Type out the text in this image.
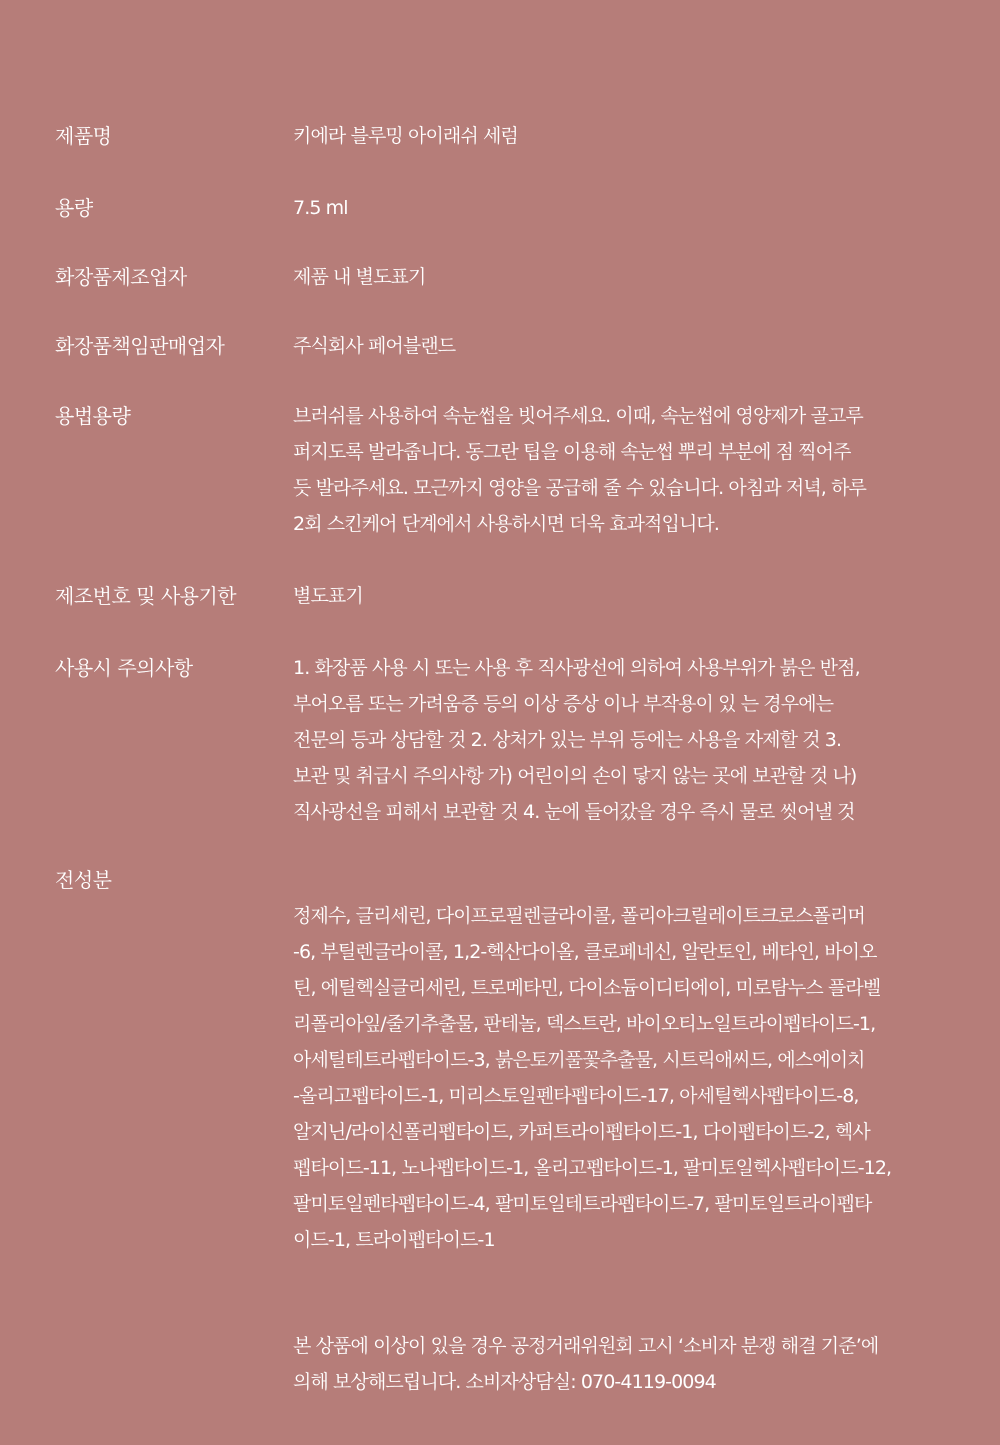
제품명	키에라 블루밍 아이래쉬 세럼
용량	7.5 ml
화장품제조업자	제품 내 별도표기
화장품책임판매업자	주식회사 페어블랜드
용법용량	브러쉬를 사용하여 속눈썹을 빗어주세요. 이때, 속눈썹에 영양제가 골고루
퍼지도록 발라줍니다. 동그란 팁을 이용해 속눈썹 뿌리 부분에 점 찍어주
듯 발라주세요. 모근까지 영양을 공급해 줄 수 있습니다. 아침과 저녁, 하루
2회 스킨케어 단계에서 사용하시면 더욱 효과적입니다.
제조번호 및 사용기한	별도표기
사용시 주의사항	1. 화장품 사용 시 또는 사용 후 직사광선에 의하여 사용부위가 붉은 반점,
부어오름 또는 가려움증 등의 이상 증상 이나 부작용이 있 는 경우에는
전문의 등과 상담할 것 2. 상처가 있는 부위 등에는 사용을 자제할 것 3.
보관 및 취급시 주의사항 가) 어린이의 손이 닿지 않는 곳에 보관할 것 나)
직사광선을 피해서 보관할 것 4. 눈에 들어갔을 경우 즉시 물로 씻어낼 것
전성분

정제수, 글리세린, 다이프로필렌글라이콜, 폴리아크릴레이트크로스폴리머
-6, 부틸렌글라이콜, 1,2-헥산다이올, 클로페네신, 알란토인, 베타인, 바이오
틴, 에틸헥실글리세린, 트로메타민, 다이소듐이디티에이, 미로탐누스 플라벨
리폴리아잎/줄기추출물, 판테놀, 덱스트란, 바이오티노일트라이펩타이드-1,
아세틸테트라펩타이드-3, 붉은토끼풀꽃추출물, 시트릭애씨드, 에스에이치
-올리고펩타이드-1, 미리스토일펜타펩타이드-17, 아세틸헥사펩타이드-8,
알지닌/라이신폴리펩타이드, 카퍼트라이펩타이드-1, 다이펩타이드-2, 헥사
펩타이드-11, 노나펩타이드-1, 올리고펩타이드-1, 팔미토일헥사펩타이드-12,
팔미토일펜타펩타이드-4, 팔미토일테트라펩타이드-7, 팔미토일트라이펩타
이드-1, 트라이펩타이드-1

본 상품에 이상이 있을 경우 공정거래위원회 고시 ‘소비자 분쟁 해결 기준’에
의해 보상해드립니다. 소비자상담실: 070-4119-0094
